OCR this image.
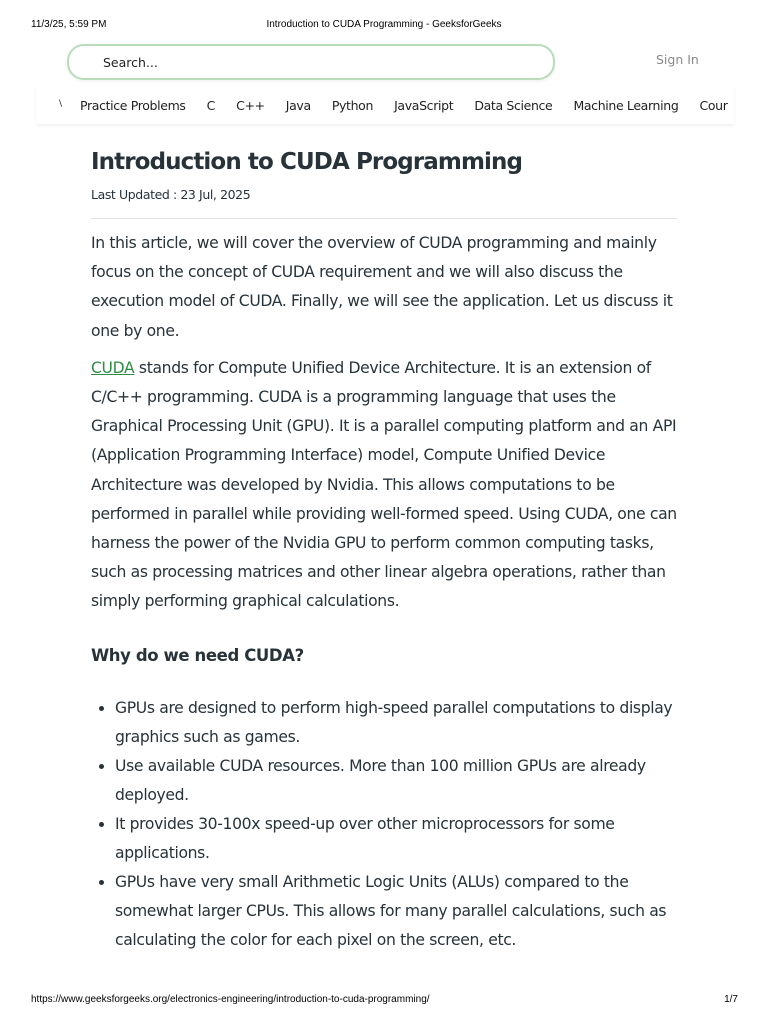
11/3/25, 5:59 PM	Introduction to CUDA Programming - GeeksforGeeks
Search...
Sign In
\ Practice Problems C C++ Java Python JavaScript Data Science Machine Learning Cour
Introduction to CUDA Programming
Last Updated : 23 Jul, 2025

In this article, we will cover the overview of CUDA programming and mainly focus on the concept of CUDA requirement and we will also discuss the execution model of CUDA. Finally, we will see the application. Let us discuss it one by one.

CUDA stands for Compute Unified Device Architecture. It is an extension of C/C++ programming. CUDA is a programming language that uses the Graphical Processing Unit (GPU). It is a parallel computing platform and an API (Application Programming Interface) model, Compute Unified Device Architecture was developed by Nvidia. This allows computations to be performed in parallel while providing well-formed speed. Using CUDA, one can harness the power of the Nvidia GPU to perform common computing tasks, such as processing matrices and other linear algebra operations, rather than simply performing graphical calculations.

Why do we need CUDA?
• GPUs are designed to perform high-speed parallel computations to display graphics such as games.
• Use available CUDA resources. More than 100 million GPUs are already deployed.
• It provides 30-100x speed-up over other microprocessors for some applications.
• GPUs have very small Arithmetic Logic Units (ALUs) compared to the somewhat larger CPUs. This allows for many parallel calculations, such as calculating the color for each pixel on the screen, etc.
https://www.geeksforgeeks.org/electronics-engineering/introduction-to-cuda-programming/	1/7
